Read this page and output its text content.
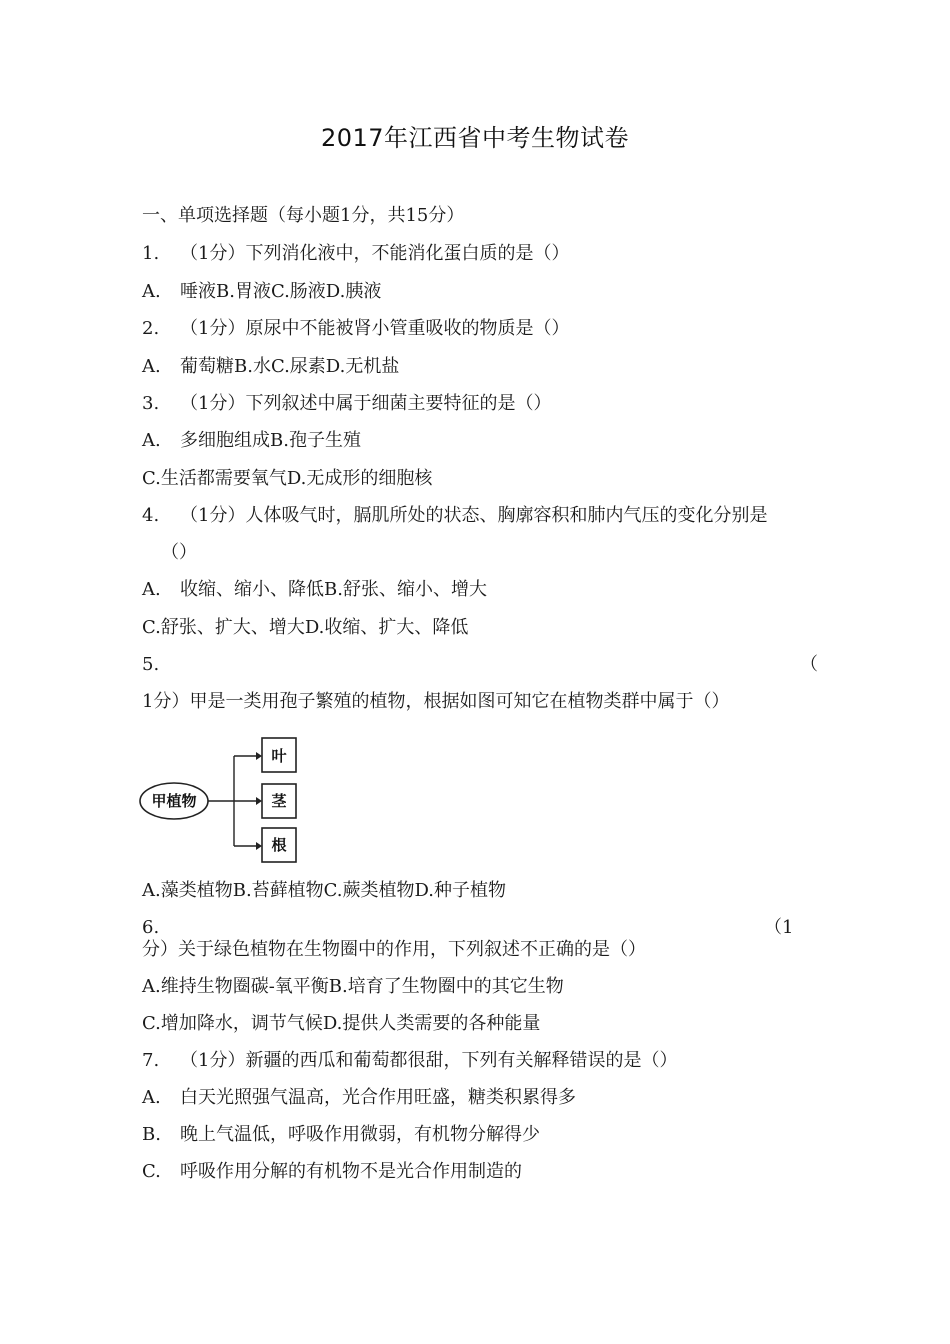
2017年江西省中考生物试卷
一、单项选择题（每小题1分，共15分）
1. （1分）下列消化液中，不能消化蛋白质的是（）
A. 唾液B.胃液C.肠液D.胰液
2. （1分）原尿中不能被肾小管重吸收的物质是（）
A. 葡萄糖B.水C.尿素D.无机盐
3. （1分）下列叙述中属于细菌主要特征的是（）
A. 多细胞组成B.孢子生殖
C.生活都需要氧气D.无成形的细胞核
4. （1分）人体吸气时，膈肌所处的状态、胸廓容积和肺内气压的变化分别是
（）
A. 收缩、缩小、降低B.舒张、缩小、增大
C.舒张、扩大、增大D.收缩、扩大、降低
5.	（
1分）甲是一类用孢子繁殖的植物，根据如图可知它在植物类群中属于（）
甲植物
叶
茎
根
A.藻类植物B.苔藓植物C.蕨类植物D.种子植物
6.	（1
分）关于绿色植物在生物圈中的作用，下列叙述不正确的是（）
A.维持生物圈碳-氧平衡B.培育了生物圈中的其它生物
C.增加降水，调节气候D.提供人类需要的各种能量
7. （1分）新疆的西瓜和葡萄都很甜，下列有关解释错误的是（）
A. 白天光照强气温高，光合作用旺盛，糖类积累得多
B. 晚上气温低，呼吸作用微弱，有机物分解得少
C. 呼吸作用分解的有机物不是光合作用制造的
